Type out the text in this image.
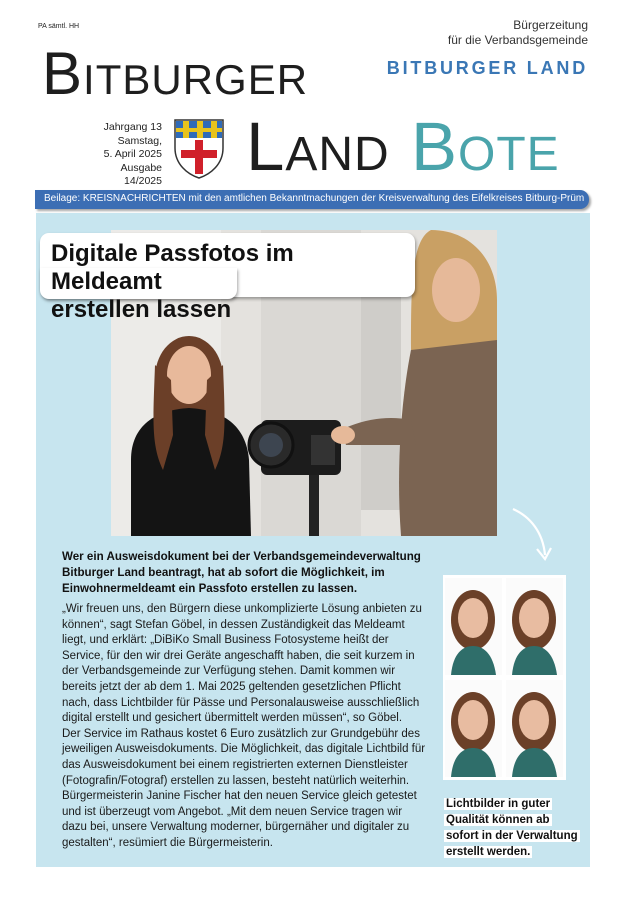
PA sämtl. HH
Bitburger
Bürgerzeitung
für die Verbandsgemeinde
BITBURGER LAND
Jahrgang 13
Samstag,
5. April 2025
Ausgabe 14/2025 Land Bote
Beilage: KREISNACHRICHTEN mit den amtlichen Bekanntmachungen der Kreisverwaltung des Eifelkreises Bitburg-Prüm
Digitale Passfotos im Meldeamt
erstellen lassen
Wer ein Ausweisdokument bei der Verbandsgemeindeverwaltung
Bitburger Land beantragt, hat ab sofort die Möglichkeit, im
Einwohnermeldeamt ein Passfoto erstellen zu lassen.

„Wir freuen uns, den Bürgern diese unkomplizierte Lösung anbieten zu

können“, sagt Stefan Göbel, in dessen Zuständigkeit das Meldeamt

liegt, und erklärt: „DiBiKo Small Business Fotosysteme heißt der

Service, für den wir drei Geräte angeschafft haben, die seit kurzem in

der Verbandsgemeinde zur Verfügung stehen. Damit kommen wir

bereits jetzt der ab dem 1. Mai 2025 geltenden gesetzlichen Pflicht

nach, dass Lichtbilder für Pässe und Personalausweise ausschließlich

digital erstellt und gesichert übermittelt werden müssen“, so Göbel.

Der Service im Rathaus kostet 6 Euro zusätzlich zur Grundgebühr des

jeweiligen Ausweisdokuments. Die Möglichkeit, das digitale Lichtbild für

das Ausweisdokument bei einem registrierten externen Dienstleister

(Fotografin/Fotograf) erstellen zu lassen, besteht natürlich weiterhin.

Bürgermeisterin Janine Fischer hat den neuen Service gleich getestet

und ist überzeugt vom Angebot. „Mit dem neuen Service tragen wir

dazu bei, unsere Verwaltung moderner, bürgernäher und digitaler zu

gestalten“, resümiert die Bürgermeisterin.

Lichtbilder in guter
Qualität können ab
sofort in der Verwaltung
erstellt werden.
